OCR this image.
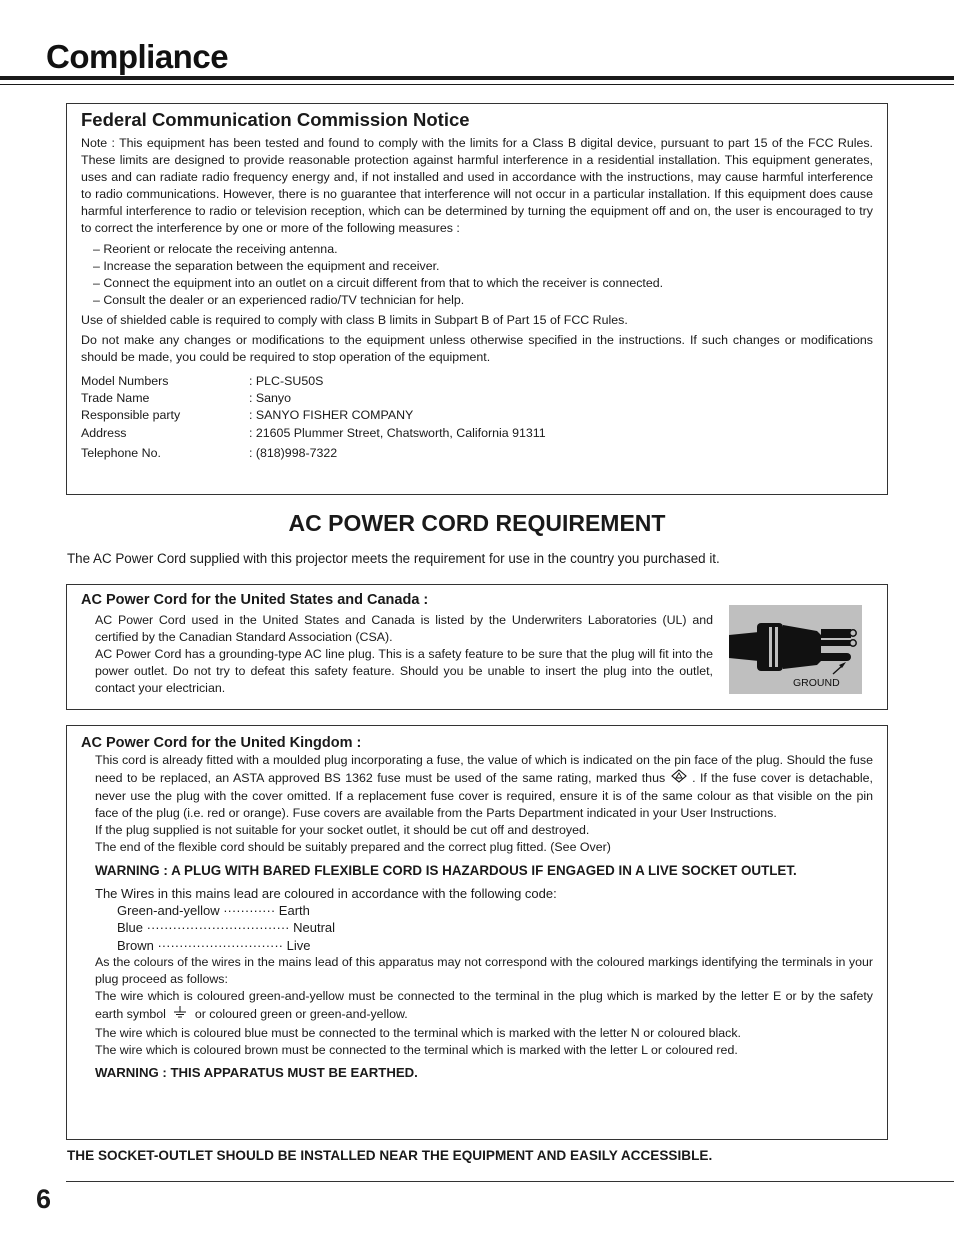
Compliance
Federal Communication Commission Notice

Note : This equipment has been tested and found to comply with the limits for a Class B digital device, pursuant to part 15 of the FCC Rules. These limits are designed to provide reasonable protection against harmful interference in a residential installation. This equipment generates, uses and can radiate radio frequency energy and, if not installed and used in accordance with the instructions, may cause harmful interference to radio communications. However, there is no guarantee that interference will not occur in a particular installation. If this equipment does cause harmful interference to radio or television reception, which can be determined by turning the equipment off and on, the user is encouraged to try to correct the interference by one or more of the following measures :

– Reorient or relocate the receiving antenna.
– Increase the separation between the equipment and receiver.
– Connect the equipment into an outlet on a circuit different from that to which the receiver is connected.
– Consult the dealer or an experienced radio/TV technician for help.

Use of shielded cable is required to comply with class B limits in Subpart B of Part 15 of FCC Rules.

Do not make any changes or modifications to the equipment unless otherwise specified in the instructions. If such changes or modifications should be made, you could be required to stop operation of the equipment.

Model Numbers	: PLC-SU50S
Trade Name	: Sanyo
Responsible party	: SANYO FISHER COMPANY
Address	: 21605 Plummer Street, Chatsworth, California 91311
Telephone No.	: (818)998-7322
AC POWER CORD REQUIREMENT
The AC Power Cord supplied with this projector meets the requirement for use in the country you purchased it.
AC Power Cord for the United States and Canada :

AC Power Cord used in the United States and Canada is listed by the Underwriters Laboratories (UL) and certified by the Canadian Standard Association (CSA).

AC Power Cord has a grounding-type AC line plug. This is a safety feature to be sure that the plug will fit into the power outlet. Do not try to defeat this safety feature. Should you be unable to insert the plug into the outlet, contact your electrician.	GROUND
AC Power Cord for the United Kingdom :

This cord is already fitted with a moulded plug incorporating a fuse, the value of which is indicated on the pin face of the plug. Should the fuse need to be replaced, an ASTA approved BS 1362 fuse must be used of the same rating, marked thus . If the fuse cover is detachable, never use the plug with the cover omitted. If a replacement fuse cover is required, ensure it is of the same colour as that visible on the pin face of the plug (i.e. red or orange). Fuse covers are available from the Parts Department indicated in your User Instructions.

If the plug supplied is not suitable for your socket outlet, it should be cut off and destroyed.

The end of the flexible cord should be suitably prepared and the correct plug fitted. (See Over)

WARNING : A PLUG WITH BARED FLEXIBLE CORD IS HAZARDOUS IF ENGAGED IN A LIVE SOCKET OUTLET.

The Wires in this mains lead are coloured in accordance with the following code:

Green-and-yellow ············ Earth
Blue ································· Neutral
Brown ····························· Live

As the colours of the wires in the mains lead of this apparatus may not correspond with the coloured markings identifying the terminals in your plug proceed as follows:

The wire which is coloured green-and-yellow must be connected to the terminal in the plug which is marked by the letter E or by the safety earth symbol or coloured green or green-and-yellow.

The wire which is coloured blue must be connected to the terminal which is marked with the letter N or coloured black.

The wire which is coloured brown must be connected to the terminal which is marked with the letter L or coloured red.

WARNING : THIS APPARATUS MUST BE EARTHED.

THE SOCKET-OUTLET SHOULD BE INSTALLED NEAR THE EQUIPMENT AND EASILY ACCESSIBLE.
6
